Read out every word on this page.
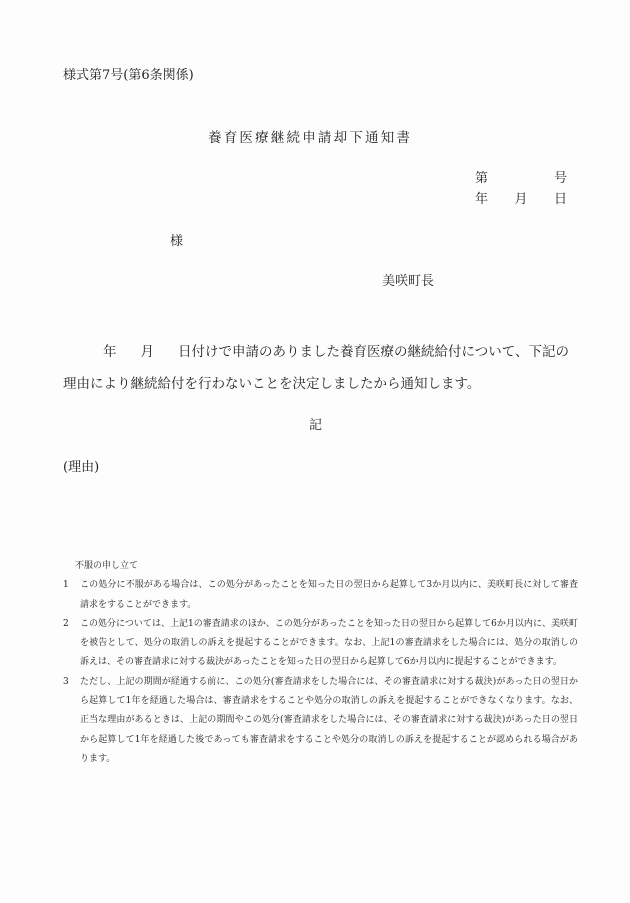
様式第7号(第6条関係)
養育医療継続申請却下通知書
第	号
年 月 日
様
美咲町長
年 月 日付けで申請のありました養育医療の継続給付について、下記の理由により継続給付を行わないことを決定しましたから通知します。
記
(理由)
不服の申し立て
1	この処分に不服がある場合は、この処分があったことを知った日の翌日から起算して3か月以内に、美咲町長に対して審査請求をすることができます。
2	この処分については、上記1の審査請求のほか、この処分があったことを知った日の翌日から起算して6か月以内に、美咲町を被告として、処分の取消しの訴えを提起することができます。なお、上記1の審査請求をした場合には、処分の取消しの訴えは、その審査請求に対する裁決があったことを知った日の翌日から起算して6か月以内に提起することができます。
3	ただし、上記の期間が経過する前に、この処分(審査請求をした場合には、その審査請求に対する裁決)があった日の翌日から起算して1年を経過した場合は、審査請求をすることや処分の取消しの訴えを提起することができなくなります。なお、正当な理由があるときは、上記の期間やこの処分(審査請求をした場合には、その審査請求に対する裁決)があった日の翌日から起算して1年を経過した後であっても審査請求をすることや処分の取消しの訴えを提起することが認められる場合があります。
